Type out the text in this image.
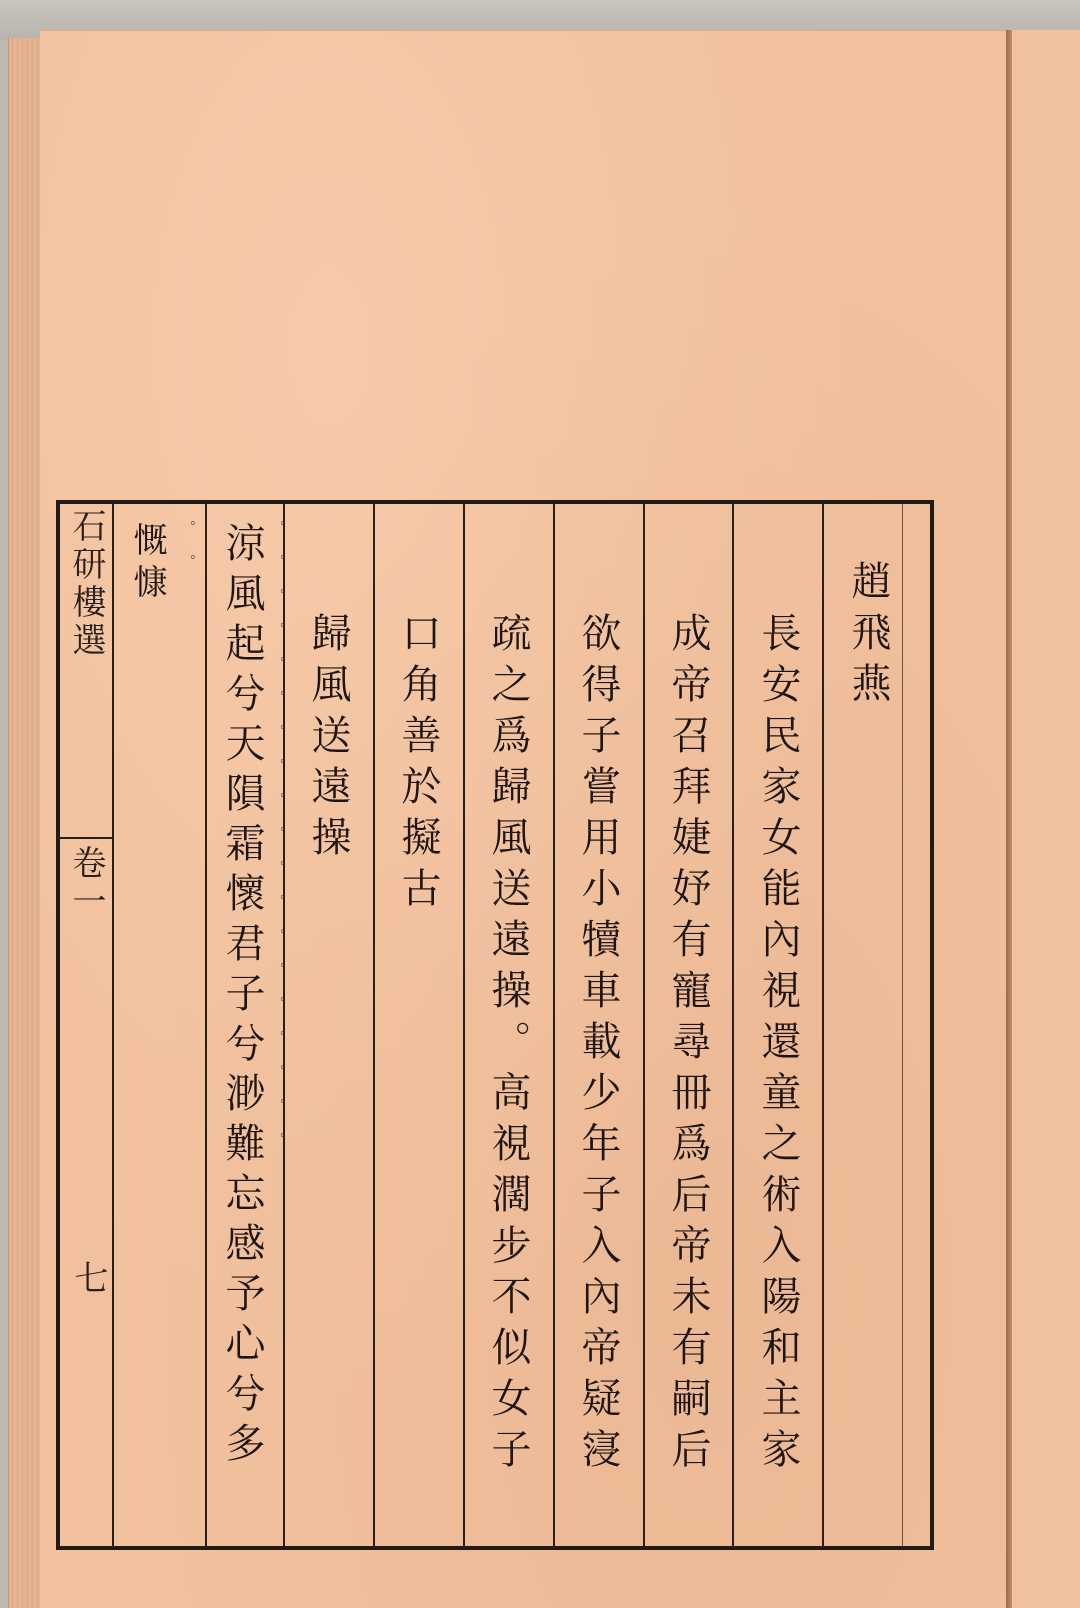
趙飛燕
長安民家女能內視還童之術入陽和主家
成帝召拜婕妤有寵尋冊爲后帝未有嗣后
欲得子嘗用小犢車載少年子入內帝疑寖
疏之爲歸風送遠操。高視濶步不似女子
口角善於擬古
歸風送遠操
涼風起兮天隕霜懷君子兮渺難忘感予心兮多
慨慷	。。。。。。。。。。。。。。。。。。。
。。
石研樓選
卷一
七
